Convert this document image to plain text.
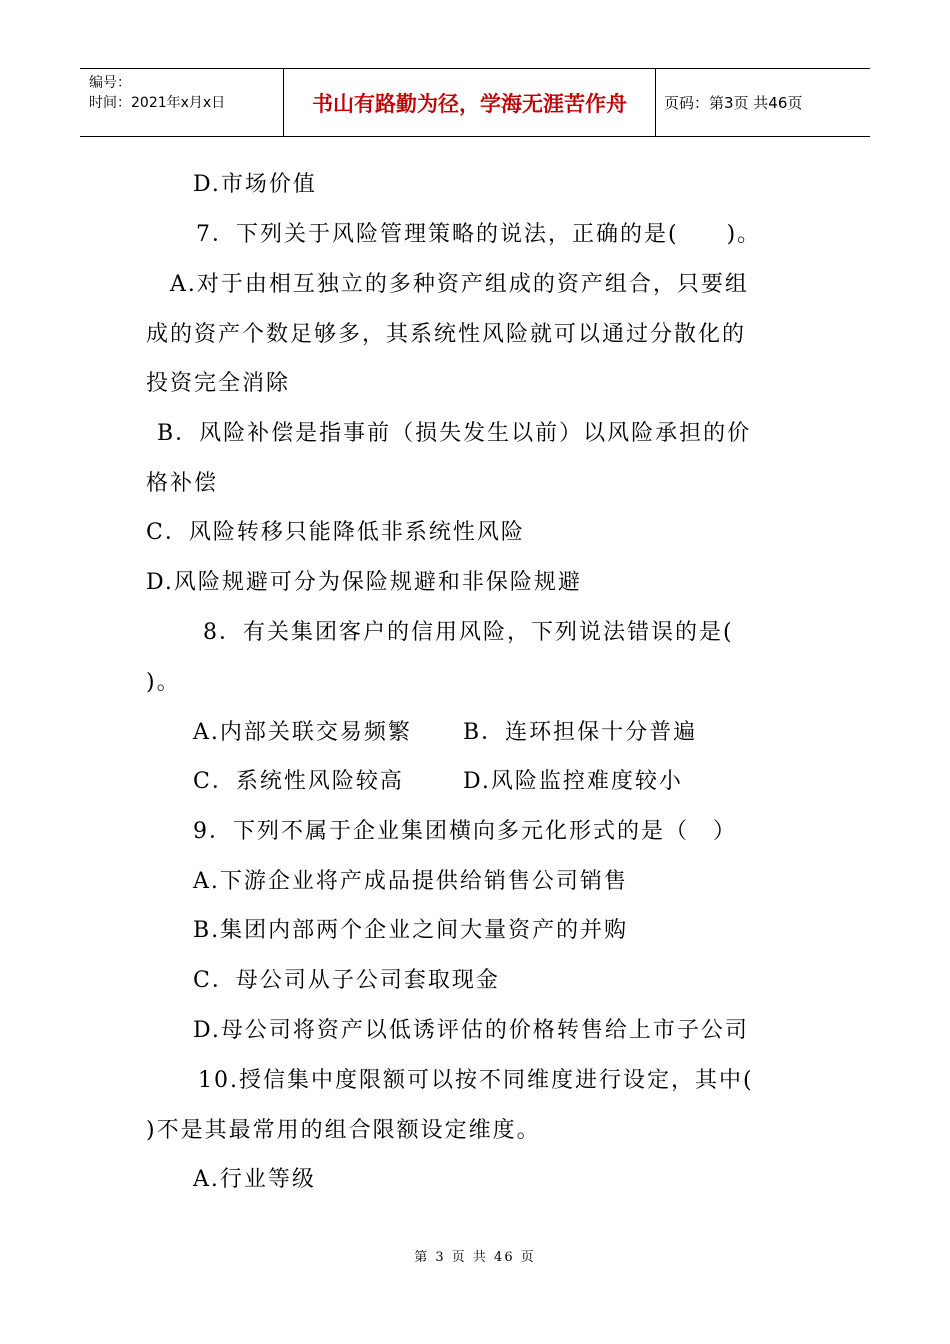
编号：
时间：2021年x月x日	书山有路勤为径，学海无涯苦作舟	页码：第3页 共46页
D.市场价值
7．下列关于风险管理策略的说法，正确的是(　　)。
A.对于由相互独立的多种资产组成的资产组合，只要组
成的资产个数足够多，其系统性风险就可以通过分散化的
投资完全消除
B．风险补偿是指事前（损失发生以前）以风险承担的价
格补偿
C．风险转移只能降低非系统性风险
D.风险规避可分为保险规避和非保险规避
8．有关集团客户的信用风险，下列说法错误的是(
)。
A.内部关联交易频繁 B．连环担保十分普遍
C．系统性风险较高	D.风险监控难度较小
9．下列不属于企业集团横向多元化形式的是（　）
A.下游企业将产成品提供给销售公司销售
B.集团内部两个企业之间大量资产的并购
C．母公司从子公司套取现金
D.母公司将资产以低诱评估的价格转售给上市子公司
10.授信集中度限额可以按不同维度进行设定，其中(
)不是其最常用的组合限额设定维度。
A.行业等级
第 3 页 共 46 页
